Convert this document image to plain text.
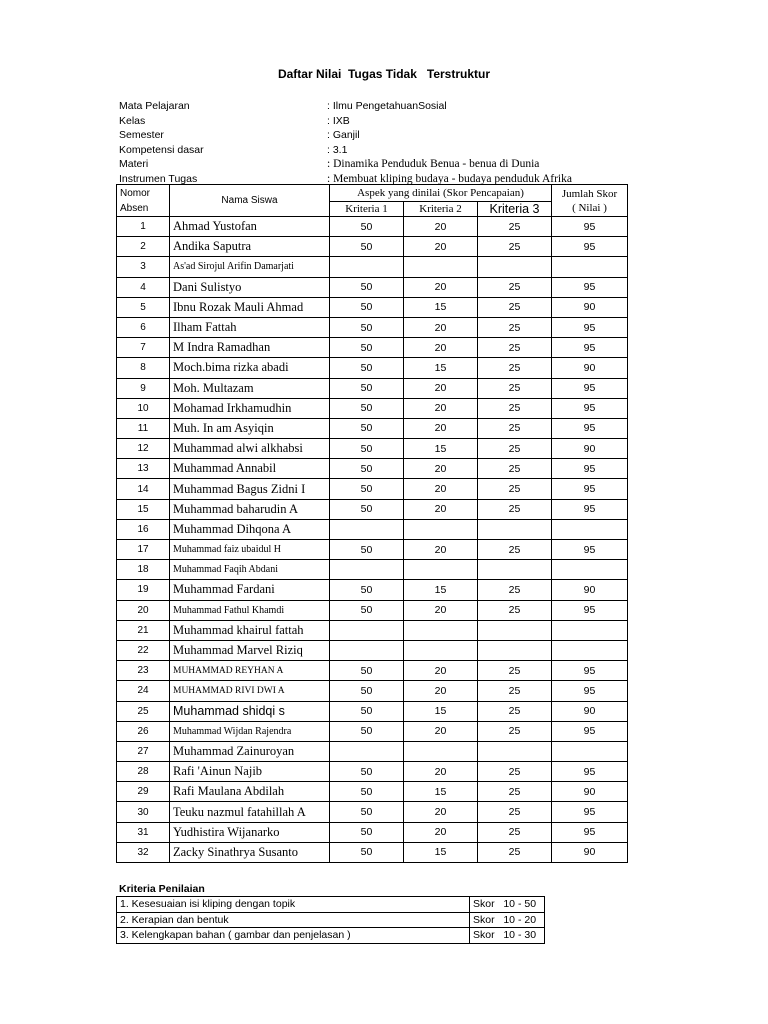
Daftar Nilai  Tugas Tidak   Terstruktur
Mata Pelajaran	: Ilmu PengetahuanSosial
Kelas	: IXB
Semester	: Ganjil
Kompetensi dasar	: 3.1
Materi	: Dinamika Penduduk Benua - benua di Dunia
Instrumen Tugas	: Membuat kliping budaya - budaya penduduk Afrika
Nomor
Absen	Nama Siswa	Aspek yang dinilai (Skor Pencapaian)			Jumlah Skor
( Nilai )
		Kriteria 1	Kriteria 2	Kriteria 3	
1	Ahmad Yustofan	50	20	25	95
2	Andika Saputra	50	20	25	95
3	As'ad Sirojul Arifin Damarjati				
4	Dani Sulistyo	50	20	25	95
5	Ibnu Rozak Mauli Ahmad	50	15	25	90
6	Ilham Fattah	50	20	25	95
7	M Indra Ramadhan	50	20	25	95
8	Moch.bima rizka abadi	50	15	25	90
9	Moh. Multazam	50	20	25	95
10	Mohamad Irkhamudhin	50	20	25	95
11	Muh. In am Asyiqin	50	20	25	95
12	Muhammad alwi alkhabsi	50	15	25	90
13	Muhammad Annabil	50	20	25	95
14	Muhammad Bagus Zidni I	50	20	25	95
15	Muhammad baharudin A	50	20	25	95
16	Muhammad Dihqona A				
17	Muhammad faiz ubaidul H	50	20	25	95
18	Muhammad Faqih Abdani				
19	Muhammad Fardani	50	15	25	90
20	Muhammad Fathul Khamdi	50	20	25	95
21	Muhammad khairul fattah				
22	Muhammad Marvel Riziq				
23	MUHAMMAD REYHAN A	50	20	25	95
24	MUHAMMAD RIVI DWI A	50	20	25	95
25	Muhammad shidqi s	50	15	25	90
26	Muhammad Wijdan Rajendra	50	20	25	95
27	Muhammad Zainuroyan				
28	Rafi 'Ainun Najib	50	20	25	95
29	Rafi Maulana Abdilah	50	15	25	90
30	Teuku nazmul fatahillah A	50	20	25	95
31	Yudhistira Wijanarko	50	20	25	95
32	Zacky Sinathrya Susanto	50	15	25	90
Kriteria Penilaian
1. Kesesuaian isi kliping dengan topik	Skor   10 - 50
2. Kerapian dan bentuk	Skor   10 - 20
3. Kelengkapan bahan ( gambar dan penjelasan )	Skor   10 - 30
